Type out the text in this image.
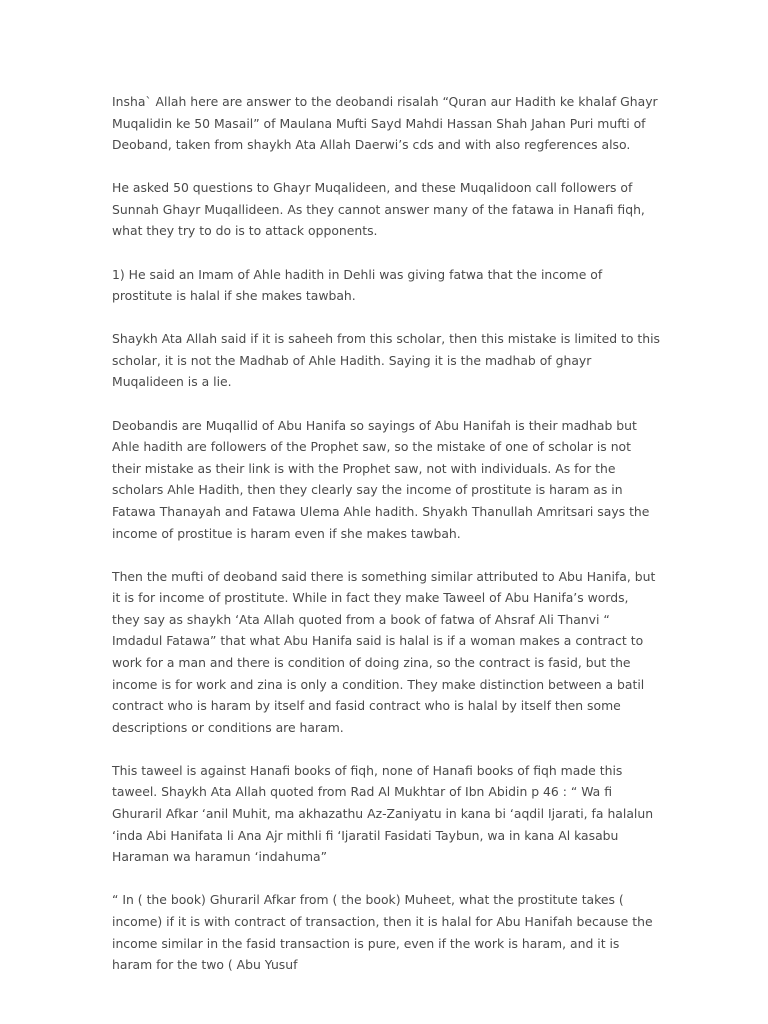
Insha` Allah here are answer to the deobandi risalah “Quran aur Hadith ke khalaf Ghayr Muqalidin ke 50 Masail” of Maulana Mufti Sayd Mahdi Hassan Shah Jahan Puri mufti of Deoband, taken from shaykh Ata Allah Daerwi’s cds and with also regferences also.

He asked 50 questions to Ghayr Muqalideen, and these Muqalidoon call followers of Sunnah Ghayr Muqallideen. As they cannot answer many of the fatawa in Hanafi fiqh, what they try to do is to attack opponents.

1) He said an Imam of Ahle hadith in Dehli was giving fatwa that the income of prostitute is halal if she makes tawbah.

Shaykh Ata Allah said if it is saheeh from this scholar, then this mistake is limited to this scholar, it is not the Madhab of Ahle Hadith. Saying it is the madhab of ghayr Muqalideen is a lie.

Deobandis are Muqallid of Abu Hanifa so sayings of Abu Hanifah is their madhab but Ahle hadith are followers of the Prophet saw, so the mistake of one of scholar is not their mistake as their link is with the Prophet saw, not with individuals. As for the scholars Ahle Hadith, then they clearly say the income of prostitute is haram as in Fatawa Thanayah and Fatawa Ulema Ahle hadith. Shyakh Thanullah Amritsari says the income of prostitue is haram even if she makes tawbah.

Then the mufti of deoband said there is something similar attributed to Abu Hanifa, but it is for income of prostitute. While in fact they make Taweel of Abu Hanifa’s words, they say as shaykh ‘Ata Allah quoted from a book of fatwa of Ahsraf Ali Thanvi “ Imdadul Fatawa” that what Abu Hanifa said is halal is if a woman makes a contract to work for a man and there is condition of doing zina, so the contract is fasid, but the income is for work and zina is only a condition. They make distinction between a batil contract who is haram by itself and fasid contract who is halal by itself then some descriptions or conditions are haram.

This taweel is against Hanafi books of fiqh, none of Hanafi books of fiqh made this taweel. Shaykh Ata Allah quoted from Rad Al Mukhtar of Ibn Abidin p 46 : “ Wa fi Ghuraril Afkar ‘anil Muhit, ma akhazathu Az-Zaniyatu in kana bi ‘aqdil Ijarati, fa halalun ‘inda Abi Hanifata li Ana Ajr mithli fi ‘Ijaratil Fasidati Taybun, wa in kana Al kasabu Haraman wa haramun ‘indahuma”

“ In ( the book) Ghuraril Afkar from ( the book) Muheet, what the prostitute takes ( income) if it is with contract of transaction, then it is halal for Abu Hanifah because the income similar in the fasid transaction is pure, even if the work is haram, and it is haram for the two ( Abu Yusuf
